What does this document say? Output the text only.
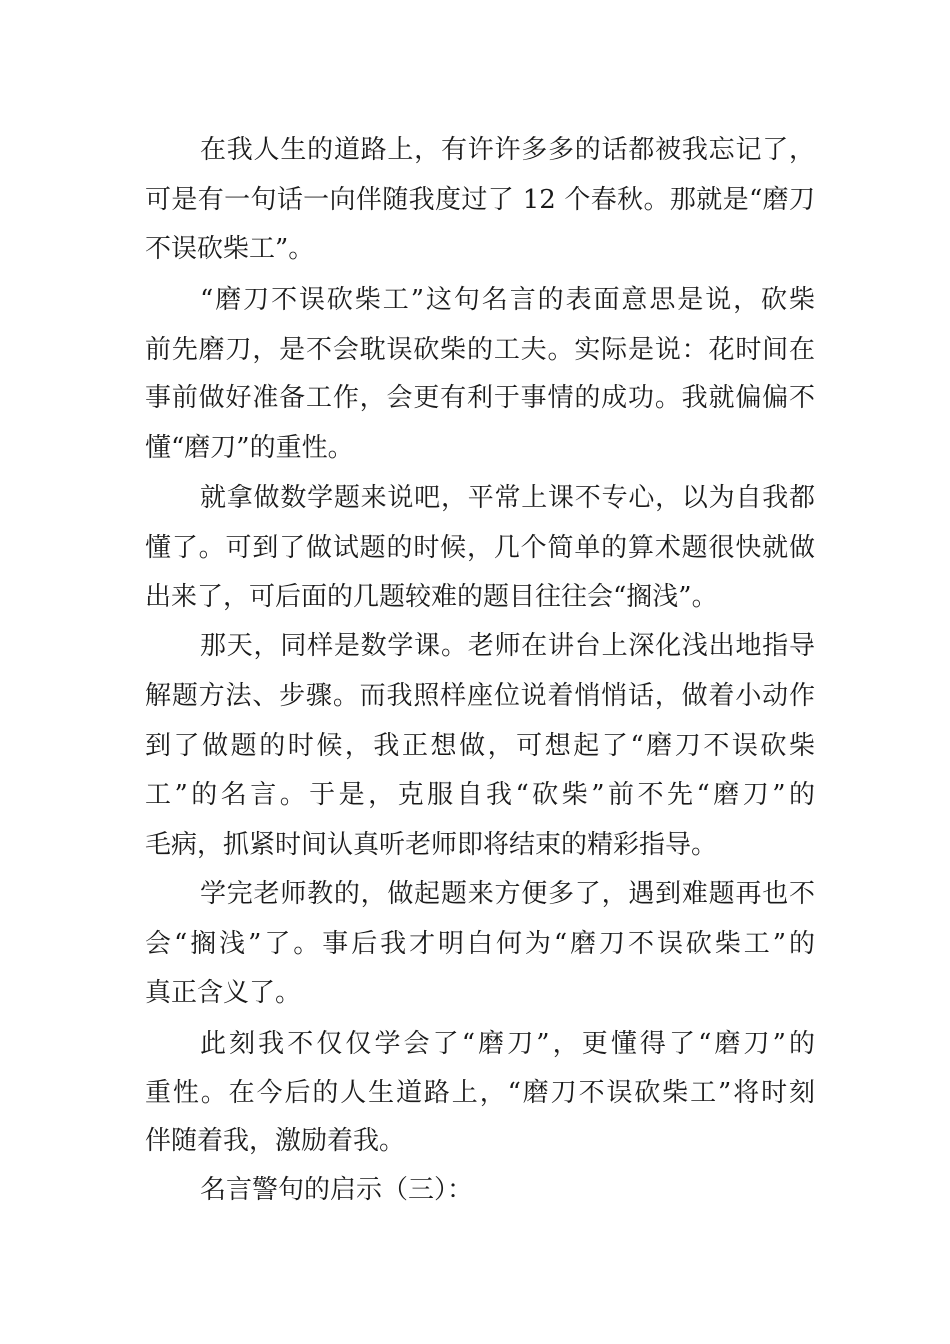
在我人生的道路上，有许许多多的话都被我忘记了，
可是有一句话一向伴随我度过了 12 个春秋。那就是“磨刀
不误砍柴工”。
“磨刀不误砍柴工”这句名言的表面意思是说，砍柴
前先磨刀，是不会耽误砍柴的工夫。实际是说：花时间在
事前做好准备工作，会更有利于事情的成功。我就偏偏不
懂“磨刀”的重性。
就拿做数学题来说吧，平常上课不专心，以为自我都
懂了。可到了做试题的时候，几个简单的算术题很快就做
出来了，可后面的几题较难的题目往往会“搁浅”。
那天，同样是数学课。老师在讲台上深化浅出地指导
解题方法、步骤。而我照样座位说着悄悄话，做着小动作
到了做题的时候，我正想做，可想起了“磨刀不误砍柴
工”的名言。于是，克服自我“砍柴”前不先“磨刀”的
毛病，抓紧时间认真听老师即将结束的精彩指导。
学完老师教的，做起题来方便多了，遇到难题再也不
会“搁浅”了。事后我才明白何为“磨刀不误砍柴工”的
真正含义了。
此刻我不仅仅学会了“磨刀”，更懂得了“磨刀”的
重性。在今后的人生道路上，“磨刀不误砍柴工”将时刻
伴随着我，激励着我。
名言警句的启示（三）：
